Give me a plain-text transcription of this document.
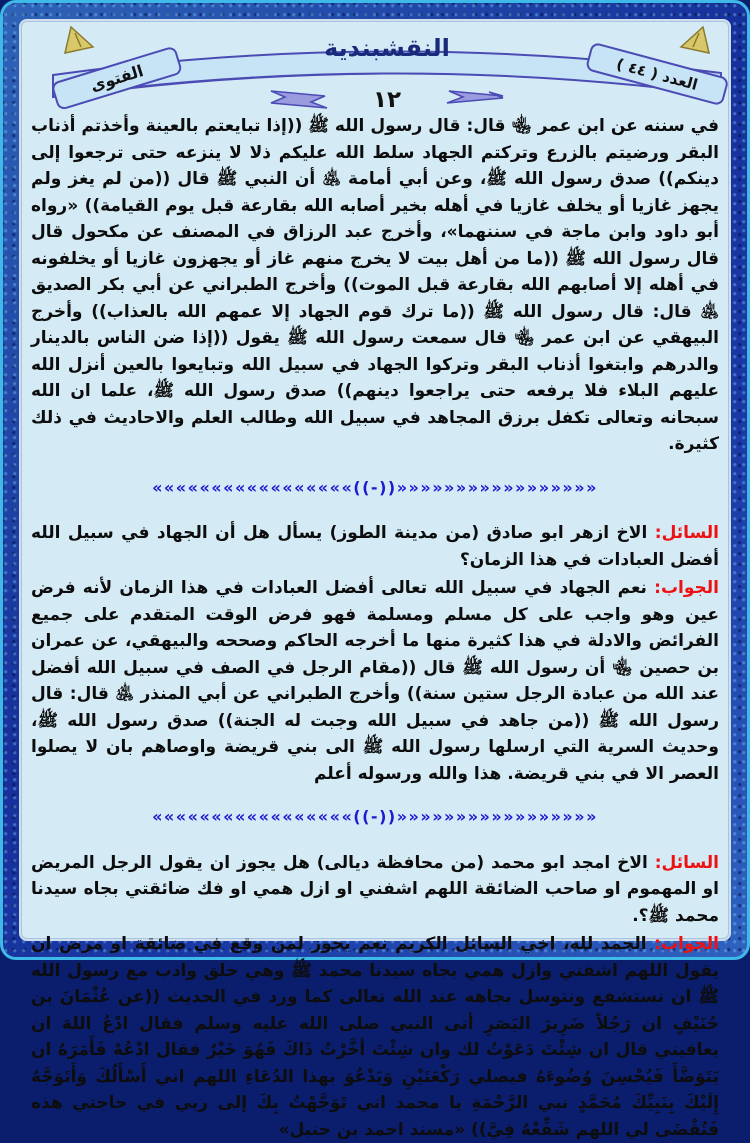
الفتوى	العدد ( ٤٤ )
النقشبندية
١٢

في سننه عن ابن عمر ﵄ قال: قال رسول الله ﷺ ((إذا تبايعتم بالعينة وأخذتم أذناب البقر ورضيتم بالزرع وتركتم الجهاد سلط الله عليكم ذلا لا ينزعه حتى ترجعوا إلى دينكم)) صدق رسول الله ﷺ، وعن أبي أمامة ﵁ أن النبي ﷺ قال ((من لم يغز ولم يجهز غازيا أو يخلف غازيا في أهله بخير أصابه الله بقارعة قبل يوم القيامة)) «رواه أبو داود وابن ماجة في سننهما»، وأخرج عبد الرزاق في المصنف عن مكحول قال قال رسول الله ﷺ ((ما من أهل بيت لا يخرج منهم غاز أو يجهزون غازيا أو يخلفونه في أهله إلا أصابهم الله بقارعة قبل الموت)) وأخرج الطبراني عن أبي بكر الصديق ﵁ قال: قال رسول الله ﷺ ((ما ترك قوم الجهاد إلا عمهم الله بالعذاب)) وأخرج البيهقي عن ابن عمر ﵄ قال سمعت رسول الله ﷺ يقول ((إذا ضن الناس بالدينار والدرهم وابتغوا أذناب البقر وتركوا الجهاد في سبيل الله وتبايعوا بالعين أنزل الله عليهم البلاء فلا يرفعه حتى يراجعوا دينهم)) صدق رسول الله ﷺ، علما ان الله سبحانه وتعالى تكفل برزق المجاهد في سبيل الله وطالب العلم والاحاديث في ذلك كثيرة.

«««««««««««««««««((-))»»»»»»»»»»»»»»»»»

السائل: الاخ ازهر ابو صادق (من مدينة الطوز) يسأل هل أن الجهاد في سبيل الله أفضل العبادات في هذا الزمان؟

الجواب: نعم الجهاد في سبيل الله تعالى أفضل العبادات في هذا الزمان لأنه فرض عين وهو واجب على كل مسلم ومسلمة فهو فرض الوقت المتقدم على جميع الفرائض والادلة في هذا كثيرة منها ما أخرجه الحاكم وصححه والبيهقي، عن عمران بن حصين ﵄ أن رسول الله ﷺ قال ((مقام الرجل في الصف في سبيل الله أفضل عند الله من عبادة الرجل ستين سنة)) وأخرج الطبراني عن أبي المنذر ﵁ قال: قال رسول الله ﷺ ((من جاهد في سبيل الله وجبت له الجنة)) صدق رسول الله ﷺ، وحديث السرية التي ارسلها رسول الله ﷺ الى بني قريضة واوصاهم بان لا يصلوا العصر الا في بني قريضة. هذا والله ورسوله أعلم

«««««««««««««««««((-))»»»»»»»»»»»»»»»»»

السائل: الاخ امجد ابو محمد (من محافظة ديالى) هل يجوز ان يقول الرجل المريض او المهموم او صاحب الضائقة اللهم اشفني او ازل همي او فك ضائقتي بجاه سيدنا محمد ﷺ؟.

الجواب: الحمد لله، اخي السائل الكريم نعم يجوز لمن وقع في ضائقة او مرض ان يقول اللهم اشفني وازل همي بجاه سيدنا محمد ﷺ وهي خلق وادب مع رسول الله ﷺ ان نستشفع ونتوسل بجاهه عند الله تعالى كما ورد في الحديث ((عن عُثْمَانَ بن حُنَيْفٍ ان رَجُلاً ضَرِيرَ البَصَرِ أتى النبي صلى الله عليه وسلم فقال ادْعُ اللهَ ان يعافيني قال ان شِئْتَ دَعَوْتُ لك وان شِئْتَ أخَّرْتُ ذَاكَ فَهُوَ خَيْرٌ فقال ادْعُهْ فَأَمَرَهُ ان يَتَوَضَّأَ فَيُحْسِنَ وُضُوءَهُ فيصلي رَكْعَتَيْنِ وَيَدْعُوَ بهذا الدُعَاءِ اللهم اني أَسْأَلُكَ وَأَتَوَجَّهُ إِلَيْكَ بِنَبِيِّكَ مُحَمَّدٍ نبي الرَّحْمَةِ يا محمد اني تَوَجَّهْتُ بِكَ إلى ربي في حاجتي هذه فَتُقْضَى لي اللهم شَفِّعْهُ فِيَّ)) «مسند احمد بن حنبل»
